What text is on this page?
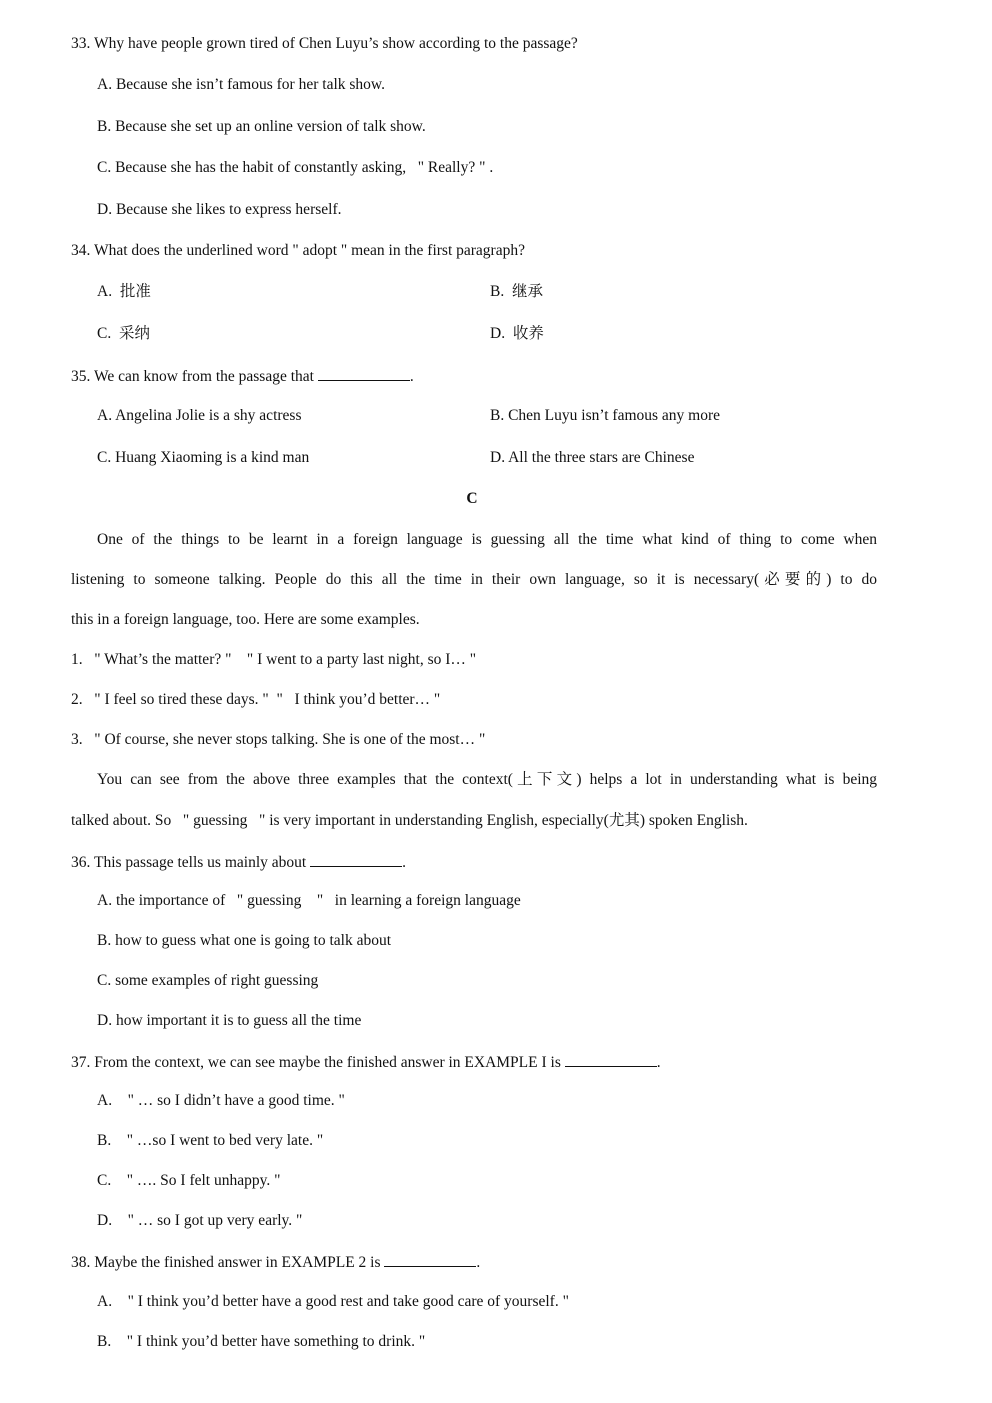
33. Why have people grown tired of Chen Luyu’s show according to the passage?
A. Because she isn’t famous for her talk show.
B. Because she set up an online version of talk show.
C. Because she has the habit of constantly asking,   " Really? " .
D. Because she likes to express herself.
34. What does the underlined word " adopt " mean in the first paragraph?
A.  批准	B.  继承
C.  采纳	D.  收养
35. We can know from the passage that	.
A. Angelina Jolie is a shy actress	B. Chen Luyu isn’t famous any more
C. Huang Xiaoming is a kind man	D. All the three stars are Chinese
C
One of the things to be learnt in a foreign language is guessing all the time what kind of thing to come when
listening to someone talking. People do this all the time in their own language, so it is necessary(必要的) to do
this in a foreign language, too. Here are some examples.
1.   " What’s the matter? "    " I went to a party last night, so I… "
2.   " I feel so tired these days. "  "   I think you’d better… "
3.   " Of course, she never stops talking. She is one of the most… "
You can see from the above three examples that the context(上下文) helps a lot in understanding what is being
talked about. So   " guessing   " is very important in understanding English, especially(尤其) spoken English.
36. This passage tells us mainly about	.
A. the importance of   " guessing    "   in learning a foreign language
B. how to guess what one is going to talk about
C. some examples of right guessing
D. how important it is to guess all the time
37. From the context, we can see maybe the finished answer in EXAMPLE I is	.
A.    " … so I didn’t have a good time. "
B.    " …so I went to bed very late. "
C.    " …. So I felt unhappy. "
D.    " … so I got up very early. "
38. Maybe the finished answer in EXAMPLE 2 is	.
A.    " I think you’d better have a good rest and take good care of yourself. "
B.    " I think you’d better have something to drink. "
